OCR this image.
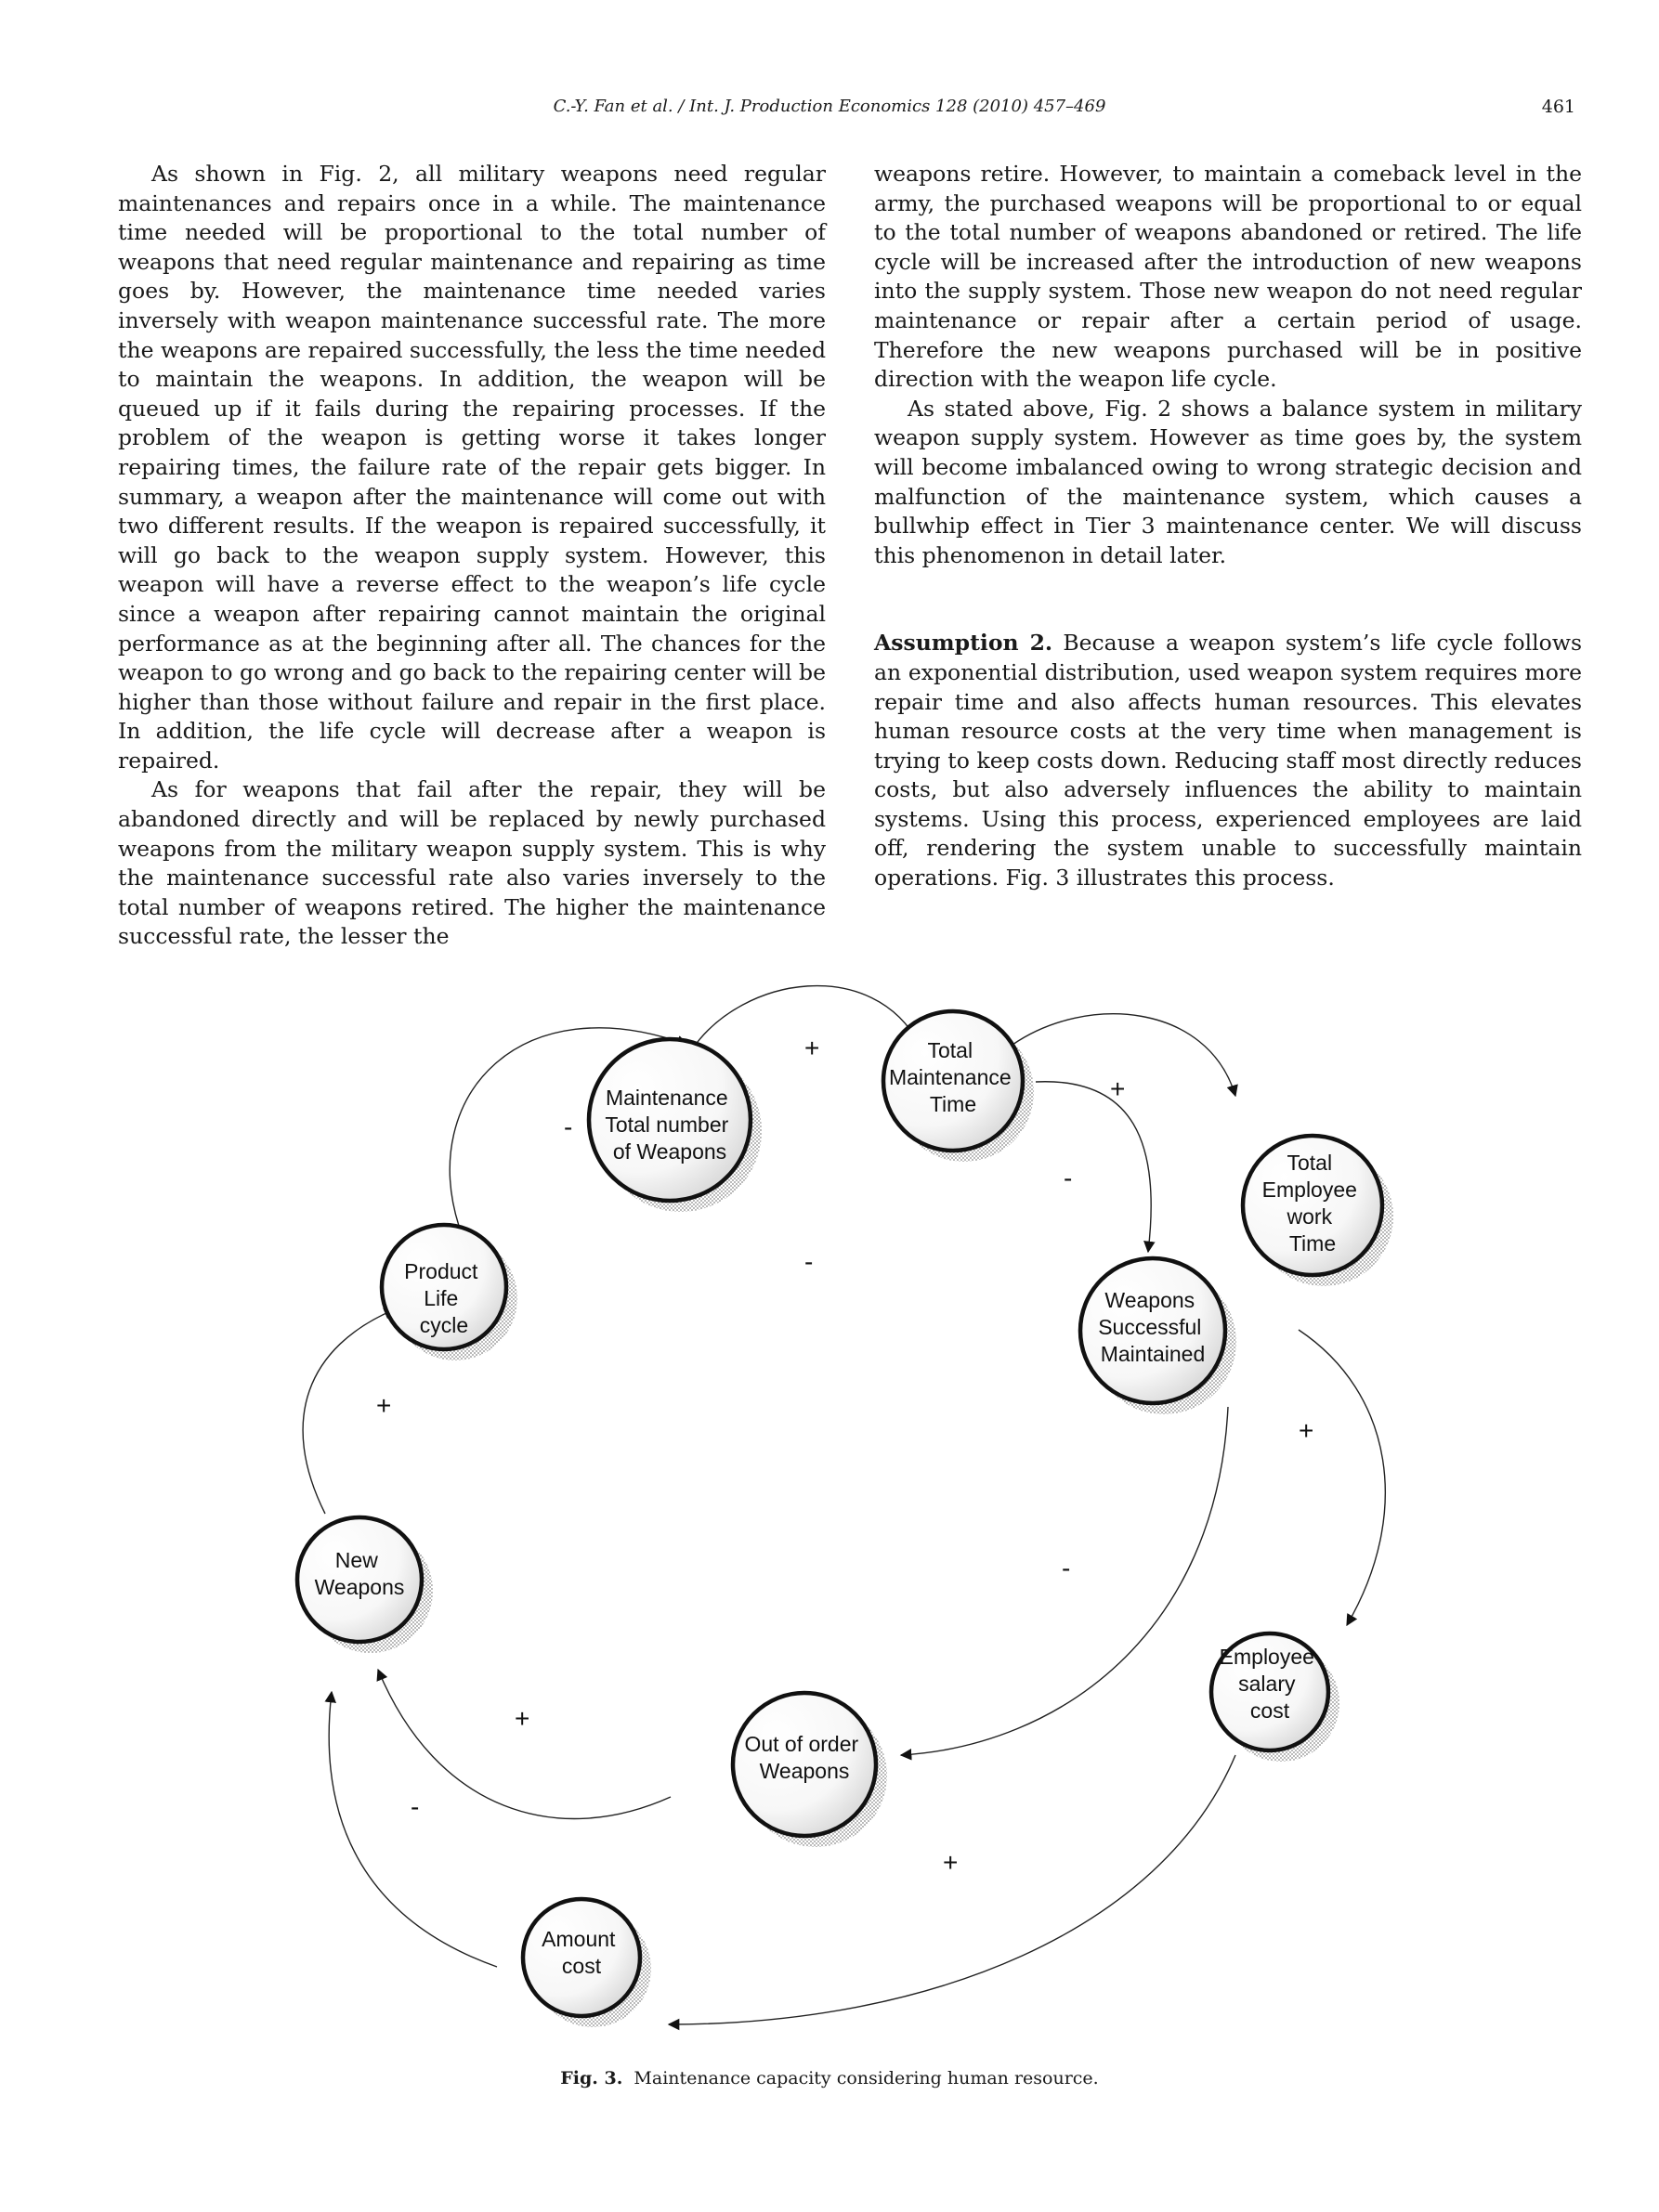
C.-Y. Fan et al. / Int. J. Production Economics 128 (2010) 457–469	461

As shown in Fig. 2, all military weapons need regular maintenances and repairs once in a while. The maintenance time needed will be proportional to the total number of weapons that need regular maintenance and repairing as time goes by. However, the maintenance time needed varies inversely with weapon maintenance successful rate. The more the weapons are repaired successfully, the less the time needed to maintain the weapons. In addition, the weapon will be queued up if it fails during the repairing processes. If the problem of the weapon is getting worse it takes longer repairing times, the failure rate of the repair gets bigger. In summary, a weapon after the maintenance will come out with two different results. If the weapon is repaired successfully, it will go back to the weapon supply system. However, this weapon will have a reverse effect to the weapon’s life cycle since a weapon after repairing cannot maintain the original performance as at the beginning after all. The chances for the weapon to go wrong and go back to the repairing center will be higher than those without failure and repair in the first place. In addition, the life cycle will decrease after a weapon is repaired.

As for weapons that fail after the repair, they will be abandoned directly and will be replaced by newly purchased weapons from the military weapon supply system. This is why the maintenance successful rate also varies inversely to the total number of weapons retired. The higher the maintenance successful rate, the lesser the

weapons retire. However, to maintain a comeback level in the army, the purchased weapons will be proportional to or equal to the total number of weapons abandoned or retired. The life cycle will be increased after the introduction of new weapons into the supply system. Those new weapon do not need regular maintenance or repair after a certain period of usage. Therefore the new weapons purchased will be in positive direction with the weapon life cycle.

As stated above, Fig. 2 shows a balance system in military weapon supply system. However as time goes by, the system will become imbalanced owing to wrong strategic decision and malfunction of the maintenance system, which causes a bullwhip effect in Tier 3 maintenance center. We will discuss this phenomenon in detail later.

Assumption 2. Because a weapon system’s life cycle follows an exponential distribution, used weapon system requires more repair time and also affects human resources. This elevates human resource costs at the very time when management is trying to keep costs down. Reducing staff most directly reduces costs, but also adversely influences the ability to maintain systems. Using this process, experienced employees are laid off, rendering the system unable to successfully maintain operations. Fig. 3 illustrates this process.

Maintenance Total number of Weapons
Total Maintenance Time
Total Employee work Time
Product Life cycle
Weapons Successful Maintained
New Weapons
Employee salary cost
Out of order Weapons
Amount cost
+
+
-
-
-
+
+
-
+
-
+
Fig. 3. Maintenance capacity considering human resource.
